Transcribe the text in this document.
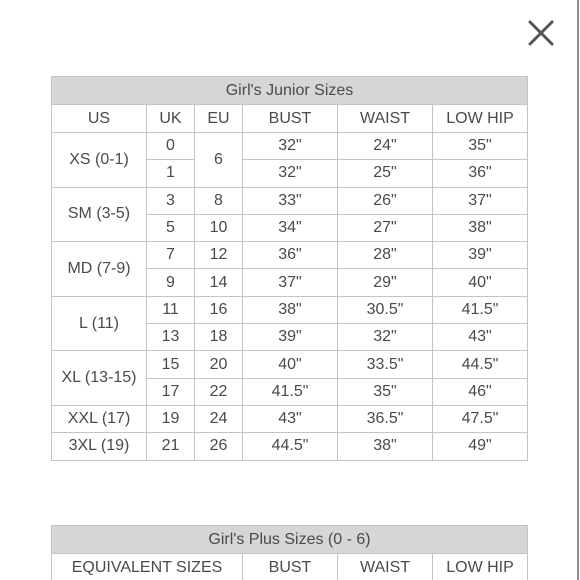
Girl's Junior Sizes					
US	UK	EU	BUST	WAIST	LOW HIP
XS (0-1)	0	6	32"	24"	35"
	1		32"	25"	36"
SM (3-5)	3	8	33"	26"	37"
	5	10	34"	27"	38"
MD (7-9)	7	12	36"	28"	39"
	9	14	37"	29"	40"
L (11)	11	16	38"	30.5"	41.5"
	13	18	39"	32"	43"
XL (13-15)	15	20	40"	33.5"	44.5"
	17	22	41.5"	35"	46"
XXL (17)	19	24	43"	36.5"	47.5"
3XL (19)	21	26	44.5"	38"	49"
Girl's Plus Sizes (0 - 6)
EQUIVALENT SIZES	BUST	WAIST	LOW HIP
